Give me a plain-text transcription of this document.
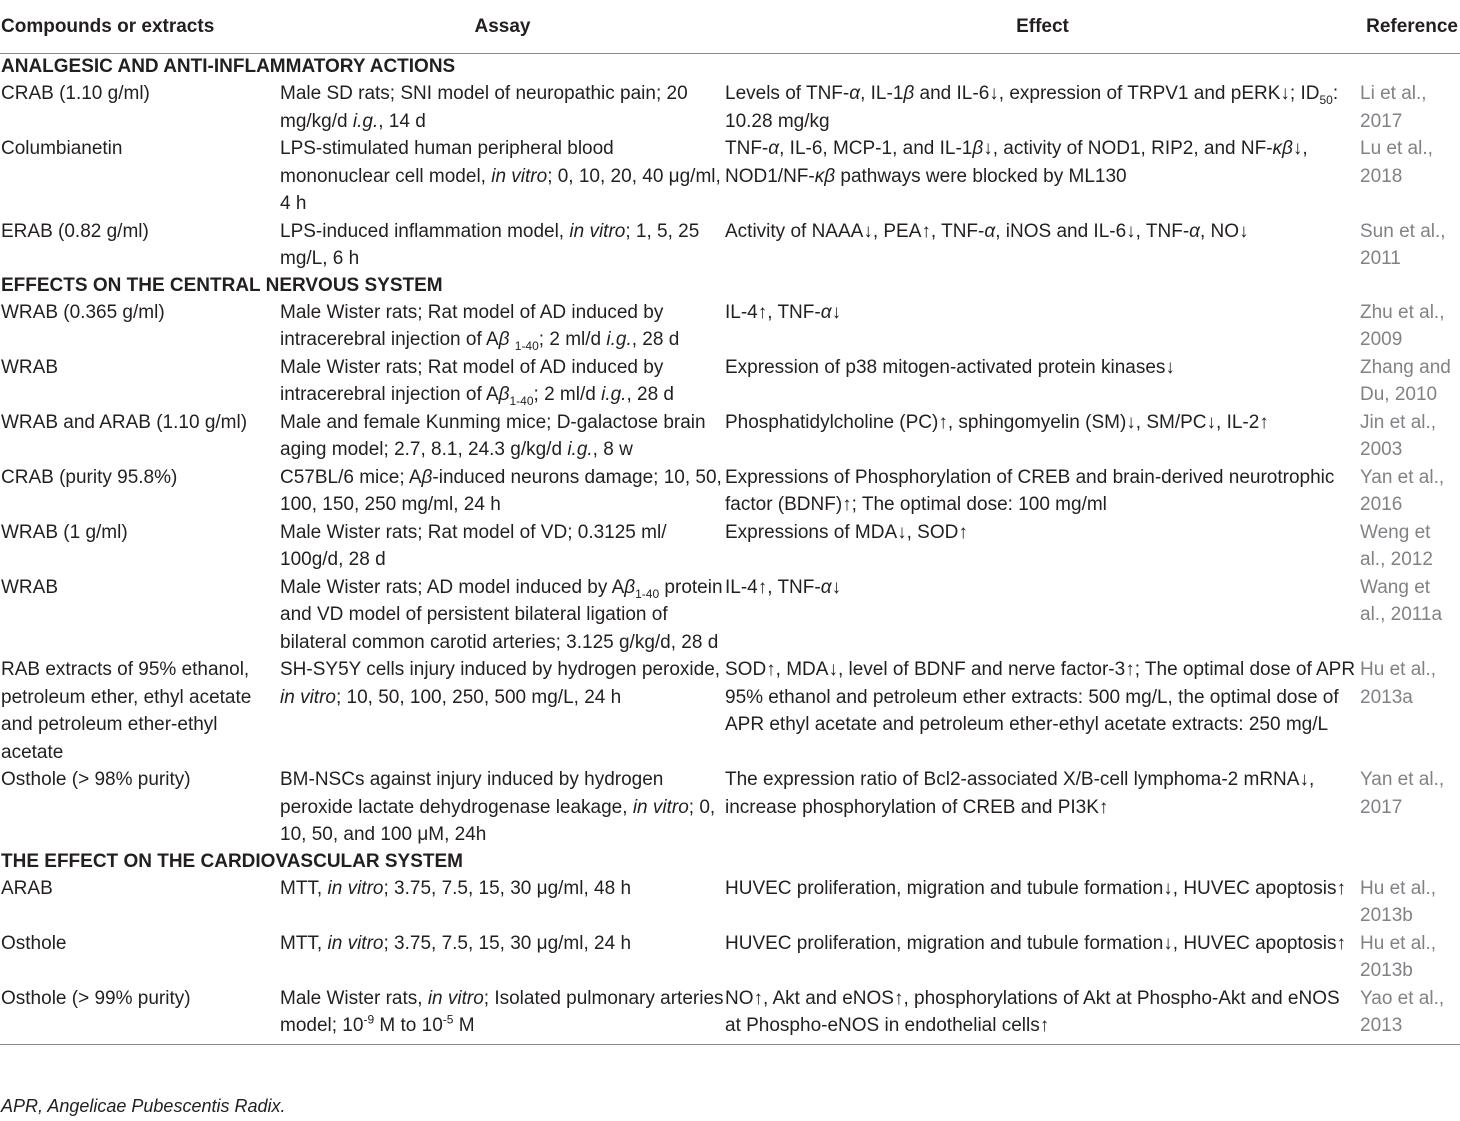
Compounds or extracts	Assay	Effect	Reference
ANALGESIC AND ANTI-INFLAMMATORY ACTIONS			
CRAB (1.10 g/ml)	Male SD rats; SNI model of neuropathic pain; 20 mg/kg/d i.g., 14 d	Levels of TNF-α, IL-1β and IL-6↓, expression of TRPV1 and pERK↓; $ID_{50}$: 10.28 mg/kg	Li et al., 2017
Columbianetin	LPS-stimulated human peripheral blood mononuclear cell model, in vitro; 0, 10, 20, 40 μg/ml, 4 h	TNF-α, IL-6, MCP-1, and IL-1β↓, activity of NOD1, RIP2, and NF-κβ↓, NOD1/NF-κβ pathways were blocked by ML130	Lu et al., 2018
ERAB (0.82 g/ml)	LPS-induced inflammation model, in vitro; 1, 5, 25 mg/L, 6 h	Activity of NAAA↓, PEA↑, TNF-α, iNOS and IL-6↓, TNF-α, NO↓	Sun et al., 2011
EFFECTS ON THE CENTRAL NERVOUS SYSTEM			
WRAB (0.365 g/ml)	Male Wister rats; Rat model of AD induced by intracerebral injection of Aβ $_{1-40}$; 2 ml/d i.g., 28 d	IL-4↑, TNF-α↓	Zhu et al., 2009
WRAB	Male Wister rats; Rat model of AD induced by intracerebral injection of $A\beta_{1-40}$; 2 ml/d i.g., 28 d	Expression of p38 mitogen-activated protein kinases↓	Zhang and Du, 2010
WRAB and ARAB (1.10 g/ml)	Male and female Kunming mice; D-galactose brain aging model; 2.7, 8.1, 24.3 g/kg/d i.g., 8 w	Phosphatidylcholine (PC)↑, sphingomyelin (SM)↓, SM/PC↓, IL-2↑	Jin et al., 2003
CRAB (purity 95.8%)	C57BL/6 mice; Aβ-induced neurons damage; 10, 50, 100, 150, 250 mg/ml, 24 h	Expressions of Phosphorylation of CREB and brain-derived neurotrophic factor (BDNF)↑; The optimal dose: 100 mg/ml	Yan et al., 2016
WRAB (1 g/ml)	Male Wister rats; Rat model of VD; 0.3125 ml/ 100g/d, 28 d	Expressions of MDA↓, SOD↑	Weng et al., 2012
WRAB	Male Wister rats; AD model induced by $A\beta_{1-40}$ protein and VD model of persistent bilateral ligation of bilateral common carotid arteries; 3.125 g/kg/d, 28 d	IL-4↑, TNF-α↓	Wang et al., 2011a
RAB extracts of 95% ethanol, petroleum ether, ethyl acetate and petroleum ether-ethyl acetate	SH-SY5Y cells injury induced by hydrogen peroxide, in vitro; 10, 50, 100, 250, 500 mg/L, 24 h	SOD↑, MDA↓, level of BDNF and nerve factor-3↑; The optimal dose of APR 95% ethanol and petroleum ether extracts: 500 mg/L, the optimal dose of APR ethyl acetate and petroleum ether-ethyl acetate extracts: 250 mg/L	Hu et al., 2013a
Osthole (> 98% purity)	BM-NSCs against injury induced by hydrogen peroxide lactate dehydrogenase leakage, in vitro; 0, 10, 50, and 100 μM, 24h	The expression ratio of Bcl2-associated X/B-cell lymphoma-2 mRNA↓, increase phosphorylation of CREB and PI3K↑	Yan et al., 2017
THE EFFECT ON THE CARDIOVASCULAR SYSTEM			
ARAB	MTT, in vitro; 3.75, 7.5, 15, 30 μg/ml, 48 h	HUVEC proliferation, migration and tubule formation↓, HUVEC apoptosis↑	Hu et al., 2013b
Osthole	MTT, in vitro; 3.75, 7.5, 15, 30 μg/ml, 24 h	HUVEC proliferation, migration and tubule formation↓, HUVEC apoptosis↑	Hu et al., 2013b
Osthole (> 99% purity)	Male Wister rats, in vitro; Isolated pulmonary arteries model; $10^{-9}$ M to $10^{-5}$ M	NO↑, Akt and eNOS↑, phosphorylations of Akt at Phospho-Akt and eNOS at Phospho-eNOS in endothelial cells↑	Yao et al., 2013
APR, Angelicae Pubescentis Radix.
